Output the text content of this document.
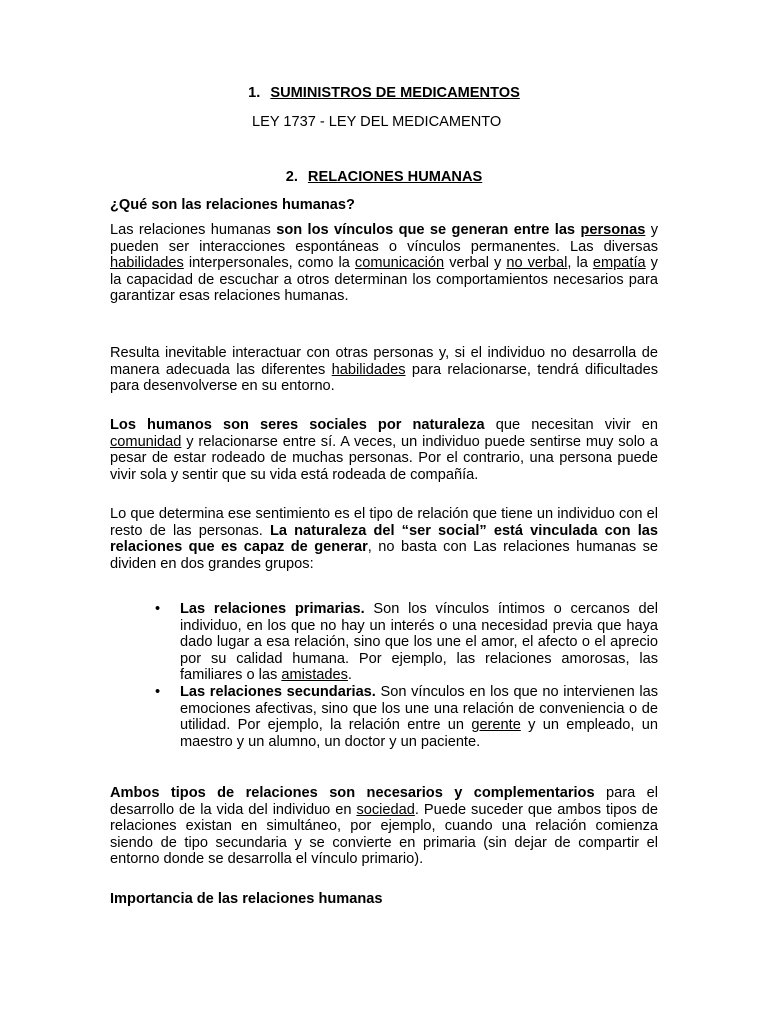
1. SUMINISTROS DE MEDICAMENTOS
LEY 1737 - LEY DEL MEDICAMENTO
2. RELACIONES HUMANAS
¿Qué son las relaciones humanas?
Las relaciones humanas son los vínculos que se generan entre las personas y pueden ser interacciones espontáneas o vínculos permanentes. Las diversas habilidades interpersonales, como la comunicación verbal y no verbal, la empatía y la capacidad de escuchar a otros determinan los comportamientos necesarios para garantizar esas relaciones humanas.
Resulta inevitable interactuar con otras personas y, si el individuo no desarrolla de manera adecuada las diferentes habilidades para relacionarse, tendrá dificultades para desenvolverse en su entorno.
Los humanos son seres sociales por naturaleza que necesitan vivir en comunidad y relacionarse entre sí. A veces, un individuo puede sentirse muy solo a pesar de estar rodeado de muchas personas. Por el contrario, una persona puede vivir sola y sentir que su vida está rodeada de compañía.
Lo que determina ese sentimiento es el tipo de relación que tiene un individuo con el resto de las personas. La naturaleza del “ser social” está vinculada con las relaciones que es capaz de generar, no basta con Las relaciones humanas se dividen en dos grandes grupos:
• Las relaciones primarias. Son los vínculos íntimos o cercanos del individuo, en los que no hay un interés o una necesidad previa que haya dado lugar a esa relación, sino que los une el amor, el afecto o el aprecio por su calidad humana. Por ejemplo, las relaciones amorosas, las familiares o las amistades.
• Las relaciones secundarias. Son vínculos en los que no intervienen las emociones afectivas, sino que los une una relación de conveniencia o de utilidad. Por ejemplo, la relación entre un gerente y un empleado, un maestro y un alumno, un doctor y un paciente.
Ambos tipos de relaciones son necesarios y complementarios para el desarrollo de la vida del individuo en sociedad. Puede suceder que ambos tipos de relaciones existan en simultáneo, por ejemplo, cuando una relación comienza siendo de tipo secundaria y se convierte en primaria (sin dejar de compartir el entorno donde se desarrolla el vínculo primario).
Importancia de las relaciones humanas
